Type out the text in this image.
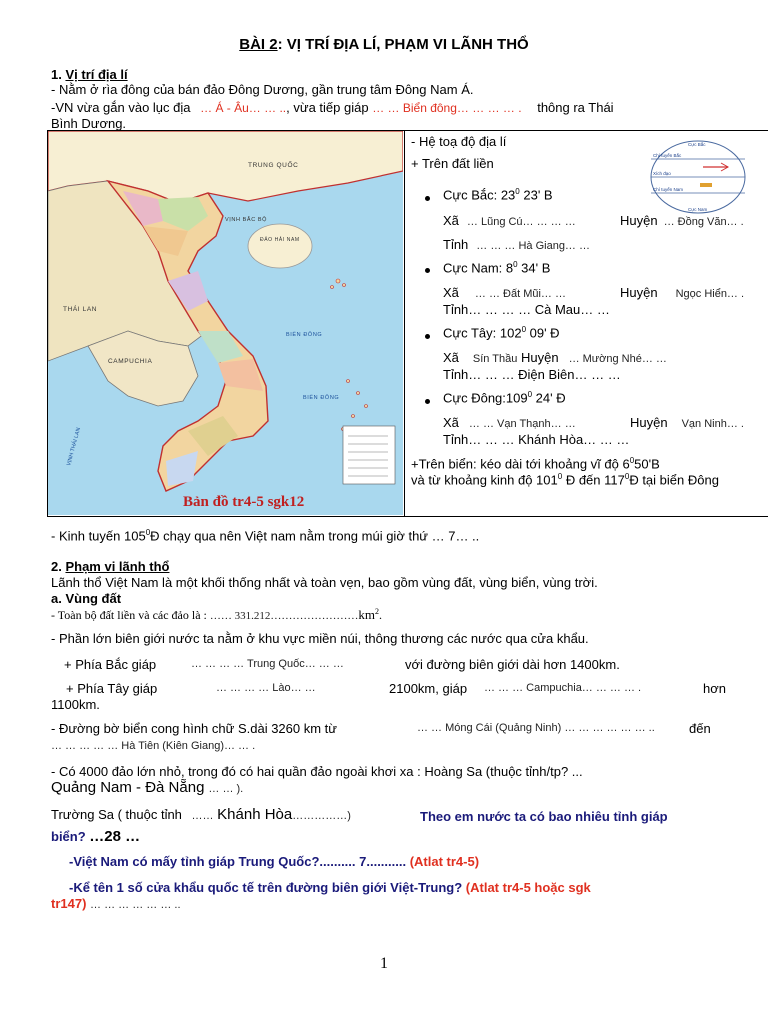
BÀI 2: VỊ TRÍ ĐỊA LÍ, PHẠM VI LÃNH THỔ
1. Vị trí địa lí
- Nằm ở rìa đông của bán đảo Đông Dương, gần trung tâm Đông Nam Á.
-VN vừa gắn vào lục địa … Á - Âu… … .., vừa tiếp giáp … … Biển đông… … … … . thông ra Thái
Bình Dương.
TRUNG QUỐC
VỊNH BẮC BỘ
ĐẢO HẢI NAM
THÁI LAN
CAMPUCHIA
BIỂN ĐÔNG
BIỂN ĐÔNG
VỊNH THÁI LAN
Bản đồ tr4-5 sgk12
- Hệ toạ độ địa lí
+ Trên đất liền
Cực Bắc
Chí tuyến Bắc
Xích đạo
Chí tuyến Nam
Cực Nam
Cực Bắc: $23^0$ 23' B
Xã … Lũng Cú… … … …	Huyện … Đồng Văn… .
Tỉnh … … … Hà Giang… …
Cực Nam: $8^0$ 34' B
Xã … … Đất Mũi… …	Huyện Ngọc Hiển… .
Tỉnh… … … … Cà Mau… …
Cực Tây: $102^0$ 09' Đ
Xã Sín Thầu Huyện … Mường Nhé… …
Tỉnh… … … Điện Biên… … …
Cực $Đông:109^0$ 24' Đ
Xã … … Vạn Thạnh… …	Huyện Vạn Ninh… .
Tỉnh… … … Khánh Hòa… … …
+Trên biển: kéo dài tới khoảng vĩ độ $6^050'B$
và từ khoảng kinh độ $101^0$ Đ đến $117^0Đ$ tại biển Đông
- Kinh tuyến $105^0Đ$ chạy qua nên Việt nam nằm trong múi giờ thứ … 7… ..
2. Phạm vi lãnh thổ
Lãnh thổ Việt Nam là một khối thống nhất và toàn vẹn, bao gồm vùng đất, vùng biển, vùng trời.
a. Vùng đất
- Toàn bộ đất liền và các đảo là : …… $331.212\dots\dots\dots\dots\dots\dots\dots\dots km^2$.
- Phần lớn biên giới nước ta nằm ở khu vực miền núi, thông thương các nước qua cửa khẩu.
+ Phía Bắc giáp	… … … … Trung Quốc… … …	với đường biên giới dài hơn 1400km.
+ Phía Tây giáp	… … … … Lào… …	2100km, giáp … … … Campuchia… … … … .	hơn
1100km.
- Đường bờ biển cong hình chữ S.dài 3260 km từ	… … Móng Cái (Quảng Ninh) … … … … … … ..	đến
… … … … … Hà Tiên (Kiên Giang)… … .
- Có 4000 đảo lớn nhỏ, trong đó có hai quần đảo ngoài khơi xa : Hoàng Sa (thuộc tỉnh/tp? ...
Quảng Nam - Đà Nẵng … … ).
Trường Sa ( thuộc tỉnh …… Khánh Hòa……………)	Theo em nước ta có bao nhiêu tỉnh giáp
biển? …28 …
-Việt Nam có mấy tỉnh giáp Trung Quốc?.......... 7........... (Atlat tr4-5)
-Kể tên 1 số cửa khẩu quốc tế trên đường biên giới Việt-Trung? (Atlat tr4-5 hoặc sgk
tr147) … … … … … … ..
1
